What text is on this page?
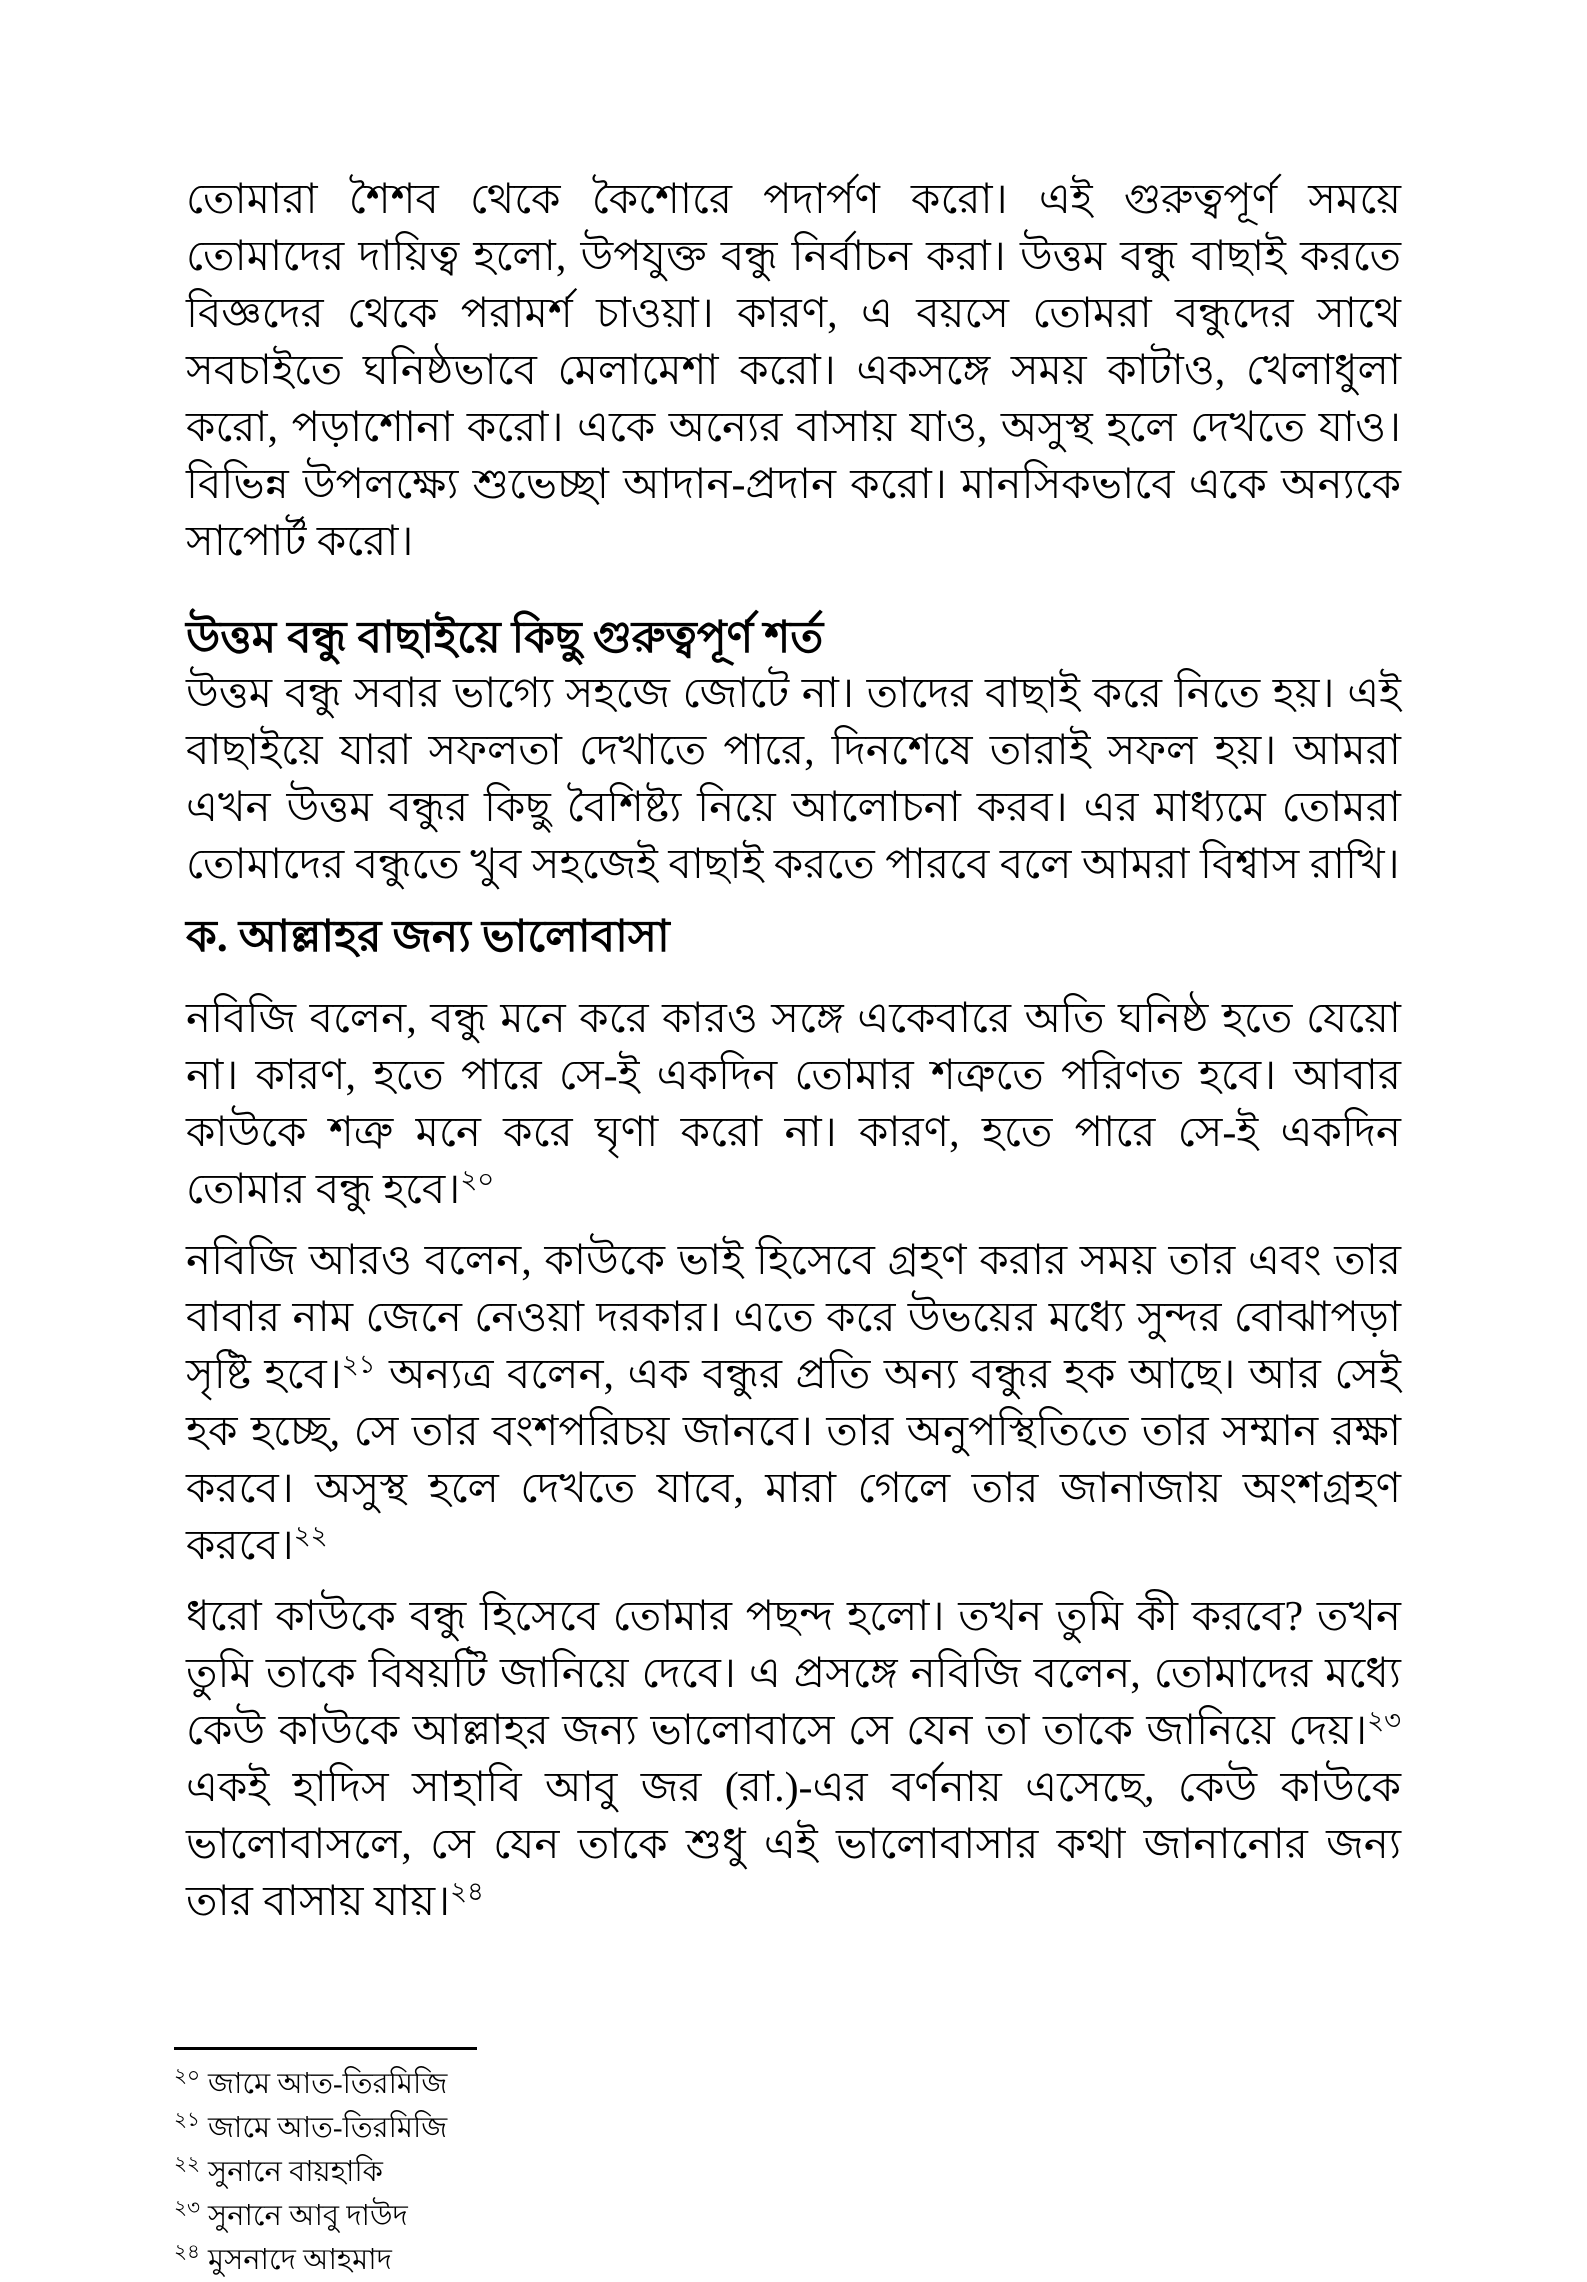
তোমারা শৈশব থেকে কৈশোরে পদার্পণ করো। এই গুরুত্বপূর্ণ সময়ে তোমাদের দায়িত্ব হলো, উপযুক্ত বন্ধু নির্বাচন করা। উত্তম বন্ধু বাছাই করতে বিজ্ঞদের থেকে পরামর্শ চাওয়া। কারণ, এ বয়সে তোমরা বন্ধুদের সাথে সবচাইতে ঘনিষ্ঠভাবে মেলামেশা করো। একসঙ্গে সময় কাটাও, খেলাধুলা করো, পড়াশোনা করো। একে অন্যের বাসায় যাও, অসুস্থ হলে দেখতে যাও। বিভিন্ন উপলক্ষ্যে শুভেচ্ছা আদান-প্রদান করো। মানসিকভাবে একে অন্যকে সাপোর্ট করো।

উত্তম বন্ধু বাছাইয়ে কিছু গুরুত্বপূর্ণ শর্ত

উত্তম বন্ধু সবার ভাগ্যে সহজে জোটে না। তাদের বাছাই করে নিতে হয়। এই বাছাইয়ে যারা সফলতা দেখাতে পারে, দিনশেষে তারাই সফল হয়। আমরা এখন উত্তম বন্ধুর কিছু বৈশিষ্ট্য নিয়ে আলোচনা করব। এর মাধ্যমে তোমরা তোমাদের বন্ধুতে খুব সহজেই বাছাই করতে পারবে বলে আমরা বিশ্বাস রাখি।

ক. আল্লাহর জন্য ভালোবাসা

নবিজি বলেন, বন্ধু মনে করে কারও সঙ্গে একেবারে অতি ঘনিষ্ঠ হতে যেয়ো না। কারণ, হতে পারে সে-ই একদিন তোমার শত্রুতে পরিণত হবে। আবার কাউকে শত্রু মনে করে ঘৃণা করো না। কারণ, হতে পারে সে-ই একদিন তোমার বন্ধু হবে।$^{২০}$

নবিজি আরও বলেন, কাউকে ভাই হিসেবে গ্রহণ করার সময় তার এবং তার বাবার নাম জেনে নেওয়া দরকার। এতে করে উভয়ের মধ্যে সুন্দর বোঝাপড়া সৃষ্টি হবে।$^{২১}$ অন্যত্র বলেন, এক বন্ধুর প্রতি অন্য বন্ধুর হক আছে। আর সেই হক হচ্ছে, সে তার বংশপরিচয় জানবে। তার অনুপস্থিতিতে তার সম্মান রক্ষা করবে। অসুস্থ হলে দেখতে যাবে, মারা গেলে তার জানাজায় অংশগ্রহণ করবে।$^{২২}$

ধরো কাউকে বন্ধু হিসেবে তোমার পছন্দ হলো। তখন তুমি কী করবে? তখন তুমি তাকে বিষয়টি জানিয়ে দেবে। এ প্রসঙ্গে নবিজি বলেন, তোমাদের মধ্যে কেউ কাউকে আল্লাহর জন্য ভালোবাসে সে যেন তা তাকে জানিয়ে দেয়।$^{২৩}$ একই হাদিস সাহাবি আবু জর (রা.)-এর বর্ণনায় এসেছে, কেউ কাউকে ভালোবাসলে, সে যেন তাকে শুধু এই ভালোবাসার কথা জানানোর জন্য তার বাসায় যায়।$^{২৪}$

$^{২০}$ জামে আত-তিরমিজি
$^{২১}$ জামে আত-তিরমিজি
$^{২২}$ সুনানে বায়হাকি
$^{২৩}$ সুনানে আবু দাউদ
$^{২৪}$ মুসনাদে আহমাদ
